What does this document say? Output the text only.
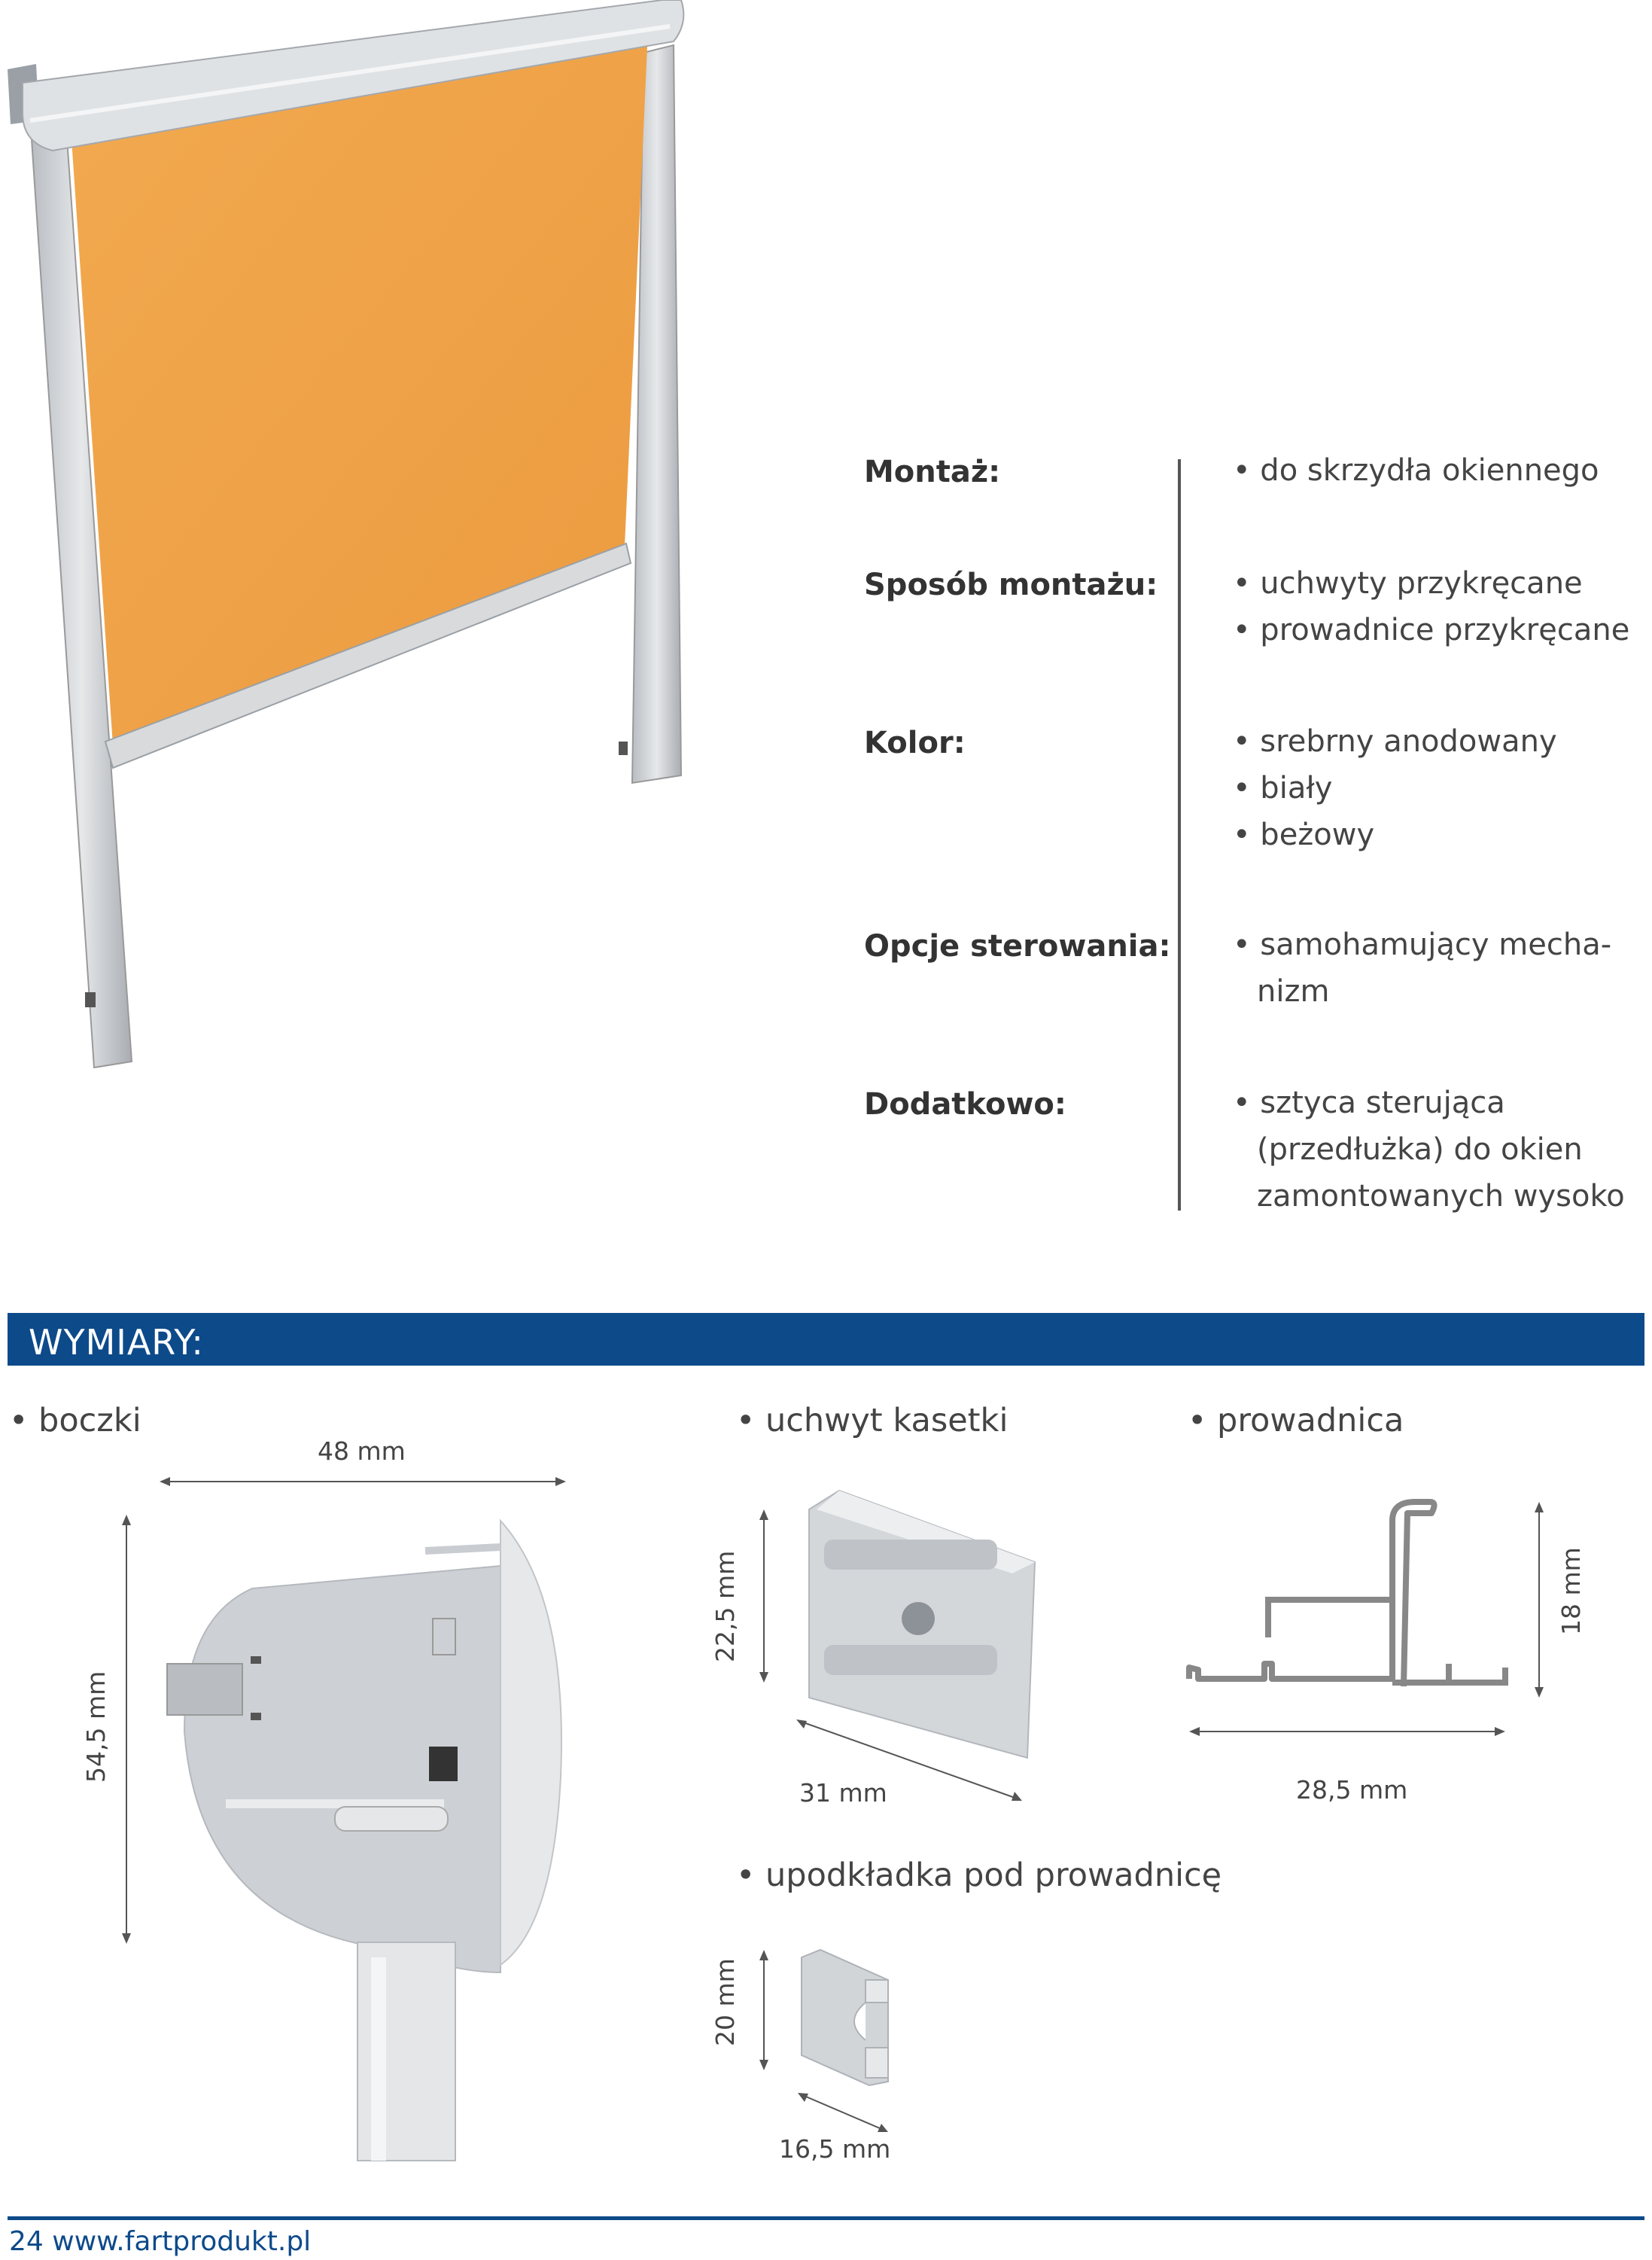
Montaż:	• do skrzydła okiennego
Sposób montażu: • uchwyty przykręcane
• prowadnice przykręcane
Kolor:	• srebrny anodowany
• biały
• beżowy
Opcje sterowania: • samohamujący mecha-
nizm
Dodatkowo:	• sztyca sterująca
(przedłużka) do okien
zamontowanych wysoko
WYMIARY:
• boczki	• uchwyt kasetki	• prowadnica
• upodkładka pod prowadnicę
48 mm
54,5 mm
22,5 mm
31 mm
18 mm
28,5 mm
20 mm
16,5 mm
24 www.fartprodukt.pl
